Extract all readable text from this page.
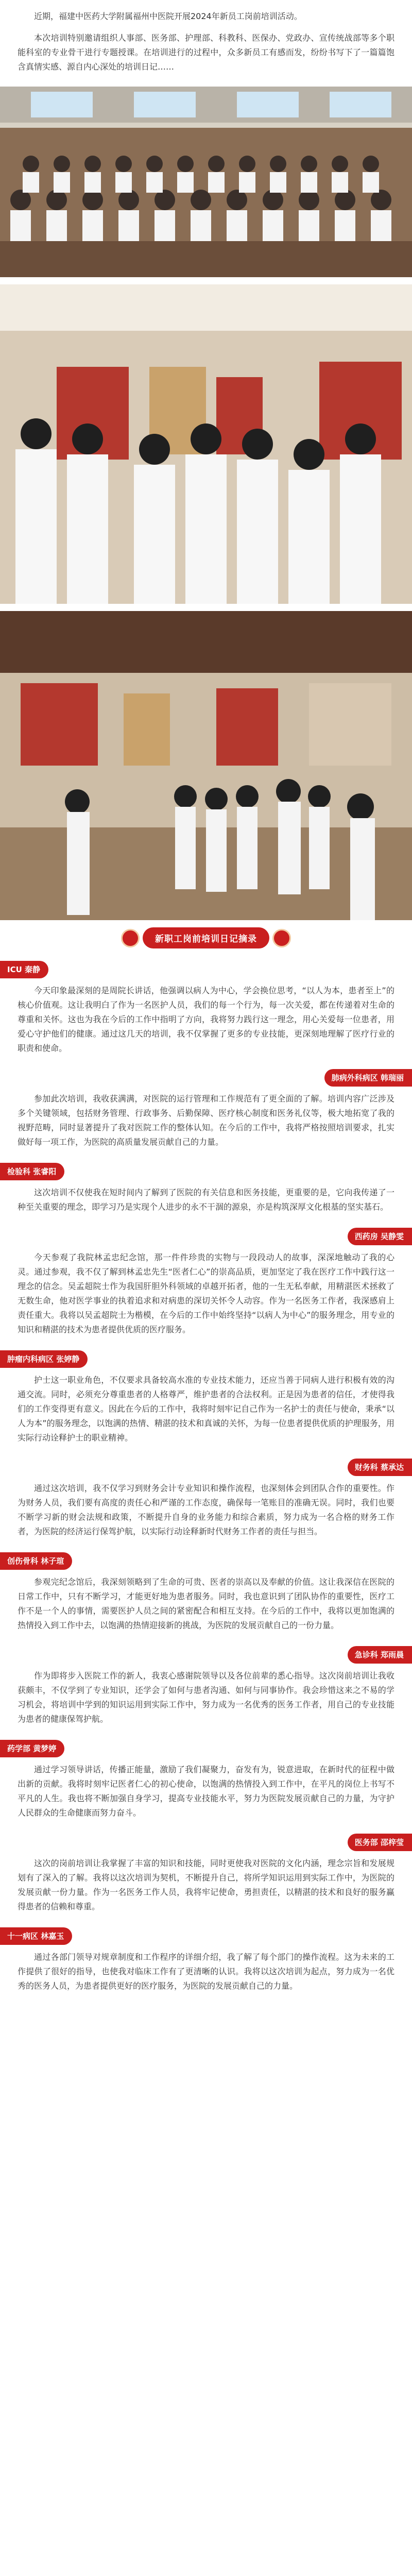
近期，福建中医药大学附属福州中医院开展2024年新员工岗前培训活动。

本次培训特别邀请组织人事部、医务部、护理部、科教科、医保办、党政办、宣传统战部等多个职能科室的专业骨干进行专题授课。在培训进行的过程中，众多新员工有感而发，纷纷书写下了一篇篇饱含真情实感、源自内心深处的培训日记……

新职工岗前培训日记摘录
ICU 秦静

今天印象最深刻的是周院长讲话，他强调以病人为中心，学会换位思考，“以人为本，患者至上”的核心价值观。这让我明白了作为一名医护人员，我们的每一个行为，每一次关爱，都在传递着对生命的尊重和关怀。这也为我在今后的工作中指明了方向，我将努力践行这一理念，用心关爱每一位患者，用爱心守护他们的健康。通过这几天的培训，我不仅掌握了更多的专业技能，更深刻地理解了医疗行业的职责和使命。

肺病外科病区 韩瑞丽

参加此次培训，我收获满满，对医院的运行管理和工作规范有了更全面的了解。培训内容广泛涉及多个关键领域，包括财务管理、行政事务、后勤保障、医疗核心制度和医务礼仪等，极大地拓宽了我的视野范畴，同时显著提升了我对医院工作的整体认知。在今后的工作中，我将严格按照培训要求，扎实做好每一项工作，为医院的高质量发展贡献自己的力量。

检验科 张睿阳

这次培训不仅使我在短时间内了解到了医院的有关信息和医务技能，更重要的是，它向我传递了一种至关重要的理念，即学习乃是实现个人进步的永不干涸的源泉，亦是构筑深厚文化根基的坚实基石。

西药房 吴静雯

今天参观了我院林孟忠纪念馆，那一件件珍贵的实物与一段段动人的故事，深深地触动了我的心灵。通过参观，我不仅了解到林孟忠先生“医者仁心”的崇高品质，更加坚定了我在医疗工作中践行这一理念的信念。吴孟超院士作为我国肝胆外科领域的卓越开拓者，他的一生无私奉献，用精湛医术拯救了无数生命，他对医学事业的执着追求和对病患的深切关怀令人动容。作为一名医务工作者，我深感肩上责任重大。我将以吴孟超院士为楷模，在今后的工作中始终坚持“以病人为中心”的服务理念，用专业的知识和精湛的技术为患者提供优质的医疗服务。

肿瘤内科病区 张婷静

护士这一职业角色，不仅要求具备较高水准的专业技术能力，还应当善于同病人进行积极有效的沟通交流。同时，必须充分尊重患者的人格尊严，维护患者的合法权利。正是因为患者的信任，才使得我们的工作变得更有意义。因此在今后的工作中，我将时刻牢记自己作为一名护士的责任与使命，秉承“以人为本”的服务理念，以饱满的热情、精湛的技术和真诚的关怀，为每一位患者提供优质的护理服务，用实际行动诠释护士的职业精神。

财务科 蔡承达

通过这次培训，我不仅学习到财务会计专业知识和操作流程，也深刻体会到团队合作的重要性。作为财务人员，我们要有高度的责任心和严谨的工作态度，确保每一笔账目的准确无误。同时，我们也要不断学习新的财会法规和政策，不断提升自身的业务能力和综合素质，努力成为一名合格的财务工作者，为医院的经济运行保驾护航，以实际行动诠释新时代财务工作者的责任与担当。

创伤骨科 林子瑄

参观完纪念馆后，我深刻领略到了生命的可贵、医者的崇高以及奉献的价值。这让我深信在医院的日常工作中，只有不断学习，才能更好地为患者服务。同时，我也意识到了团队协作的重要性，医疗工作不是一个人的事情，需要医护人员之间的紧密配合和相互支持。在今后的工作中，我将以更加饱满的热情投入到工作中去，以饱满的热情迎接新的挑战，为医院的发展贡献自己的一份力量。

急诊科 郑雨晨

作为即将步入医院工作的新人，我衷心感谢院领导以及各位前辈的悉心指导。这次岗前培训让我收获颇丰，不仅学到了专业知识，还学会了如何与患者沟通、如何与同事协作。我会珍惜这来之不易的学习机会，将培训中学到的知识运用到实际工作中，努力成为一名优秀的医务工作者，用自己的专业技能为患者的健康保驾护航。

药学部 黄梦婷

通过学习领导讲话，传播正能量，激励了我们凝聚力，奋发有为，锐意进取，在新时代的征程中做出新的贡献。我将时刻牢记医者仁心的初心使命，以饱满的热情投入到工作中，在平凡的岗位上书写不平凡的人生。我也将不断加强自身学习，提高专业技能水平，努力为医院发展贡献自己的力量，为守护人民群众的生命健康而努力奋斗。

医务部 邵梓莹

这次的岗前培训让我掌握了丰富的知识和技能，同时更使我对医院的文化内涵，理念宗旨和发展规划有了深入的了解。我将以这次培训为契机，不断提升自己，将所学知识运用到实际工作中，为医院的发展贡献一份力量。作为一名医务工作人员，我将牢记使命，勇担责任，以精湛的技术和良好的服务赢得患者的信赖和尊重。

十一病区 林嘉玉

通过各部门领导对规章制度和工作程序的详细介绍，我了解了每个部门的操作流程。这为未来的工作提供了很好的指导，也使我对临床工作有了更清晰的认识。我将以这次培训为起点，努力成为一名优秀的医务人员，为患者提供更好的医疗服务，为医院的发展贡献自己的力量。
